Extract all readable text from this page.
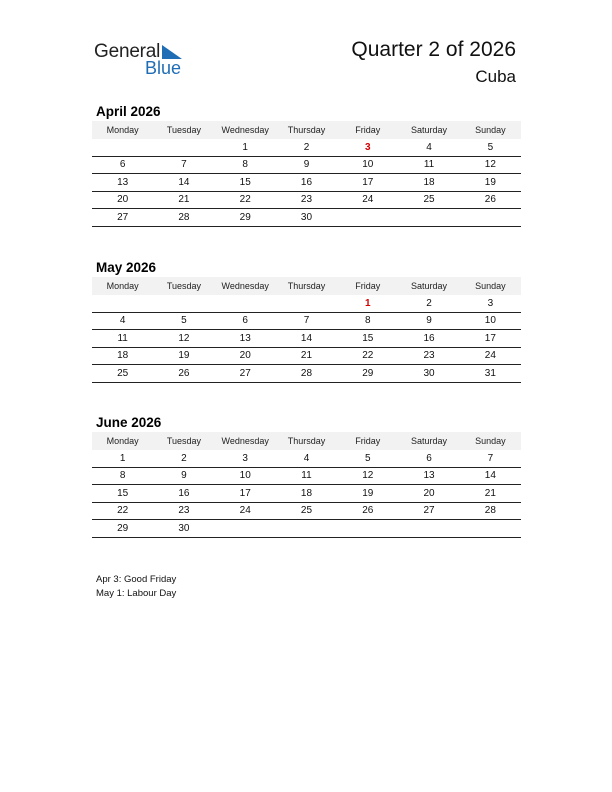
General
Blue
Quarter 2 of 2026
Cuba
April 2026
Monday	Tuesday	Wednesday	Thursday	Friday	Saturday	Sunday
		1	2	3	4	5
6	7	8	9	10	11	12
13	14	15	16	17	18	19
20	21	22	23	24	25	26
27	28	29	30			
May 2026
Monday	Tuesday	Wednesday	Thursday	Friday	Saturday	Sunday
				1	2	3
4	5	6	7	8	9	10
11	12	13	14	15	16	17
18	19	20	21	22	23	24
25	26	27	28	29	30	31
June 2026
Monday	Tuesday	Wednesday	Thursday	Friday	Saturday	Sunday
1	2	3	4	5	6	7
8	9	10	11	12	13	14
15	16	17	18	19	20	21
22	23	24	25	26	27	28
29	30					
Apr 3: Good Friday
May 1: Labour Day
